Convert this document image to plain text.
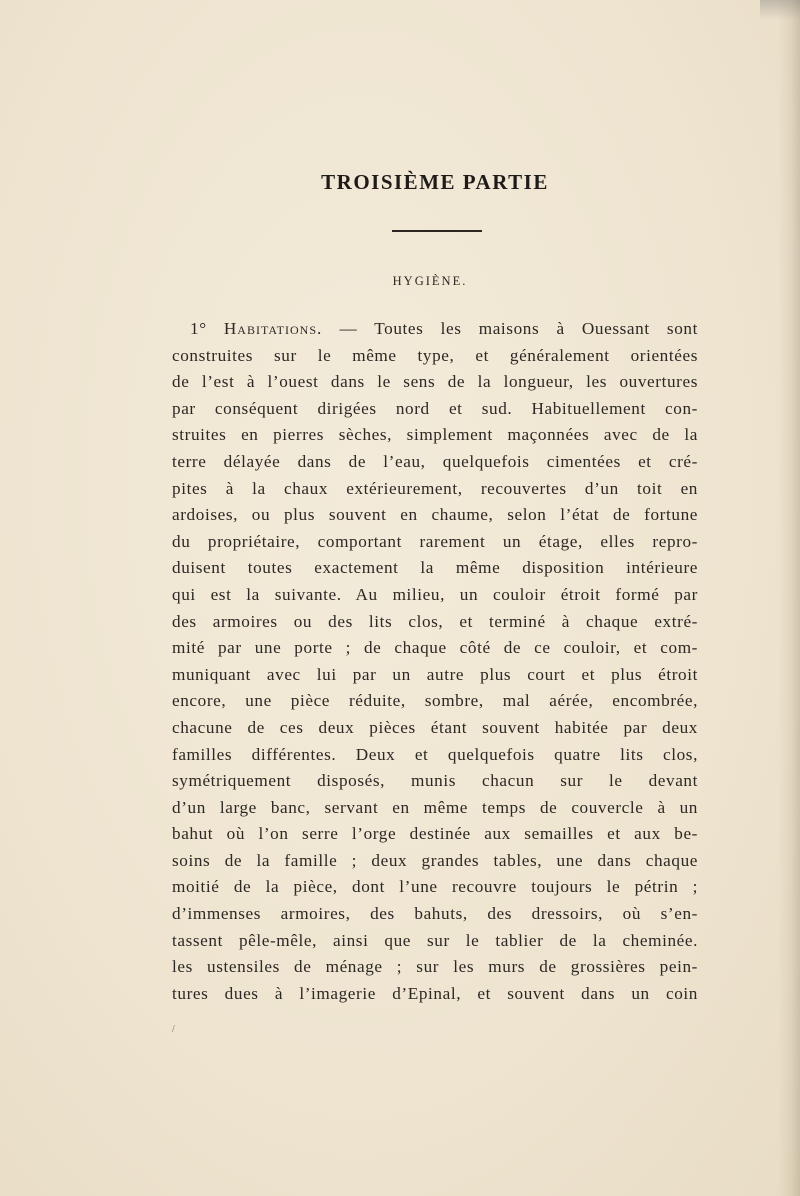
TROISIÈME PARTIE
HYGIÈNE.
1° Habitations. — Toutes les maisons à Ouessant sont
construites sur le même type, et généralement orientées
de l’est à l’ouest dans le sens de la longueur, les ouvertures
par conséquent dirigées nord et sud. Habituellement con-
struites en pierres sèches, simplement maçonnées avec de la
terre délayée dans de l’eau, quelquefois cimentées et cré-
pites à la chaux extérieurement, recouvertes d’un toit en
ardoises, ou plus souvent en chaume, selon l’état de fortune
du propriétaire, comportant rarement un étage, elles repro-
duisent toutes exactement la même disposition intérieure
qui est la suivante. Au milieu, un couloir étroit formé par
des armoires ou des lits clos, et terminé à chaque extré-
mité par une porte ; de chaque côté de ce couloir, et com-
muniquant avec lui par un autre plus court et plus étroit
encore, une pièce réduite, sombre, mal aérée, encombrée,
chacune de ces deux pièces étant souvent habitée par deux
familles différentes. Deux et quelquefois quatre lits clos,
symétriquement disposés, munis chacun sur le devant
d’un large banc, servant en même temps de couvercle à un
bahut où l’on serre l’orge destinée aux semailles et aux be-
soins de la famille ; deux grandes tables, une dans chaque
moitié de la pièce, dont l’une recouvre toujours le pétrin ;
d’immenses armoires, des bahuts, des dressoirs, où s’en-
tassent pêle-mêle, ainsi que sur le tablier de la cheminée.
les ustensiles de ménage ; sur les murs de grossières pein-
tures dues à l’imagerie d’Epinal, et souvent dans un coin
/
